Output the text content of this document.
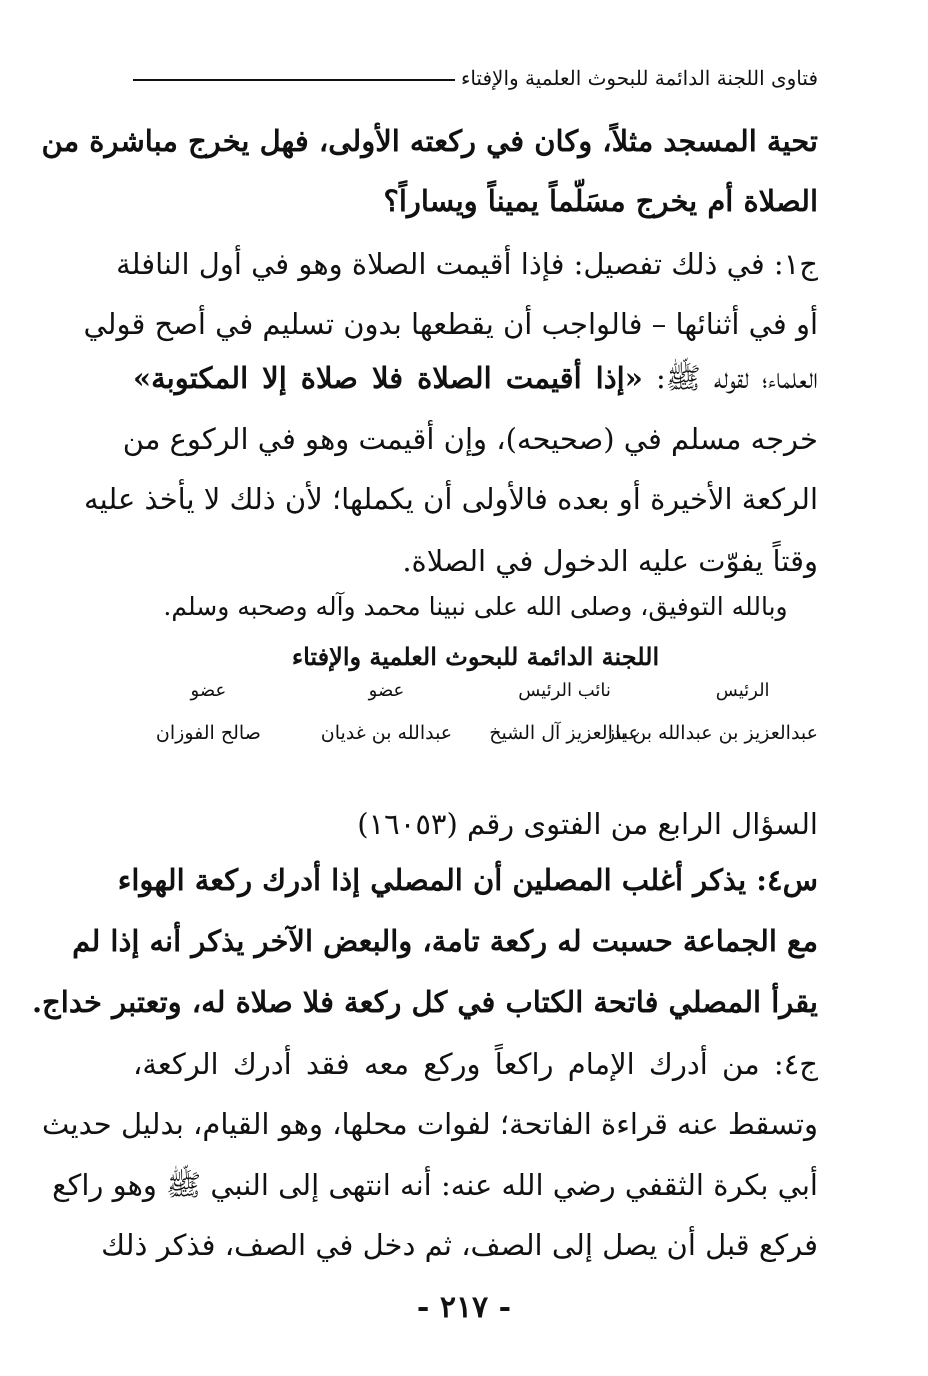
فتاوى اللجنة الدائمة للبحوث العلمية والإفتاء
تحية المسجد مثلاً، وكان في ركعته الأولى، فهل يخرج مباشرة من
الصلاة أم يخرج مسَلّماً يميناً ويساراً؟
ج١: في ذلك تفصيل: فإذا أقيمت الصلاة وهو في أول النافلة
أو في أثنائها – فالواجب أن يقطعها بدون تسليم في أصح قولي
العلماء؛ لقوله ﷺ: «إذا أقيمت الصلاة فلا صلاة إلا المكتوبة»
خرجه مسلم في (صحيحه)، وإن أقيمت وهو في الركوع من
الركعة الأخيرة أو بعده فالأولى أن يكملها؛ لأن ذلك لا يأخذ عليه
وقتاً يفوّت عليه الدخول في الصلاة.
وبالله التوفيق، وصلى الله على نبينا محمد وآله وصحبه وسلم.
اللجنة الدائمة للبحوث العلمية والإفتاء
الرئيس
نائب الرئيس
عضو
عضو
عبدالعزيز بن عبدالله بن باز
عبدالعزيز آل الشيخ
عبدالله بن غديان
صالح الفوزان
السؤال الرابع من الفتوى رقم (١٦٠٥٣)
س٤: يذكر أغلب المصلين أن المصلي إذا أدرك ركعة الهواء
مع الجماعة حسبت له ركعة تامة، والبعض الآخر يذكر أنه إذا لم
يقرأ المصلي فاتحة الكتاب في كل ركعة فلا صلاة له، وتعتبر خداج.
ج٤: من أدرك الإمام راكعاً وركع معه فقد أدرك الركعة،
وتسقط عنه قراءة الفاتحة؛ لفوات محلها، وهو القيام، بدليل حديث
أبي بكرة الثقفي رضي الله عنه: أنه انتهى إلى النبي ﷺ وهو راكع
فركع قبل أن يصل إلى الصف، ثم دخل في الصف، فذكر ذلك
- ٢١٧ -
